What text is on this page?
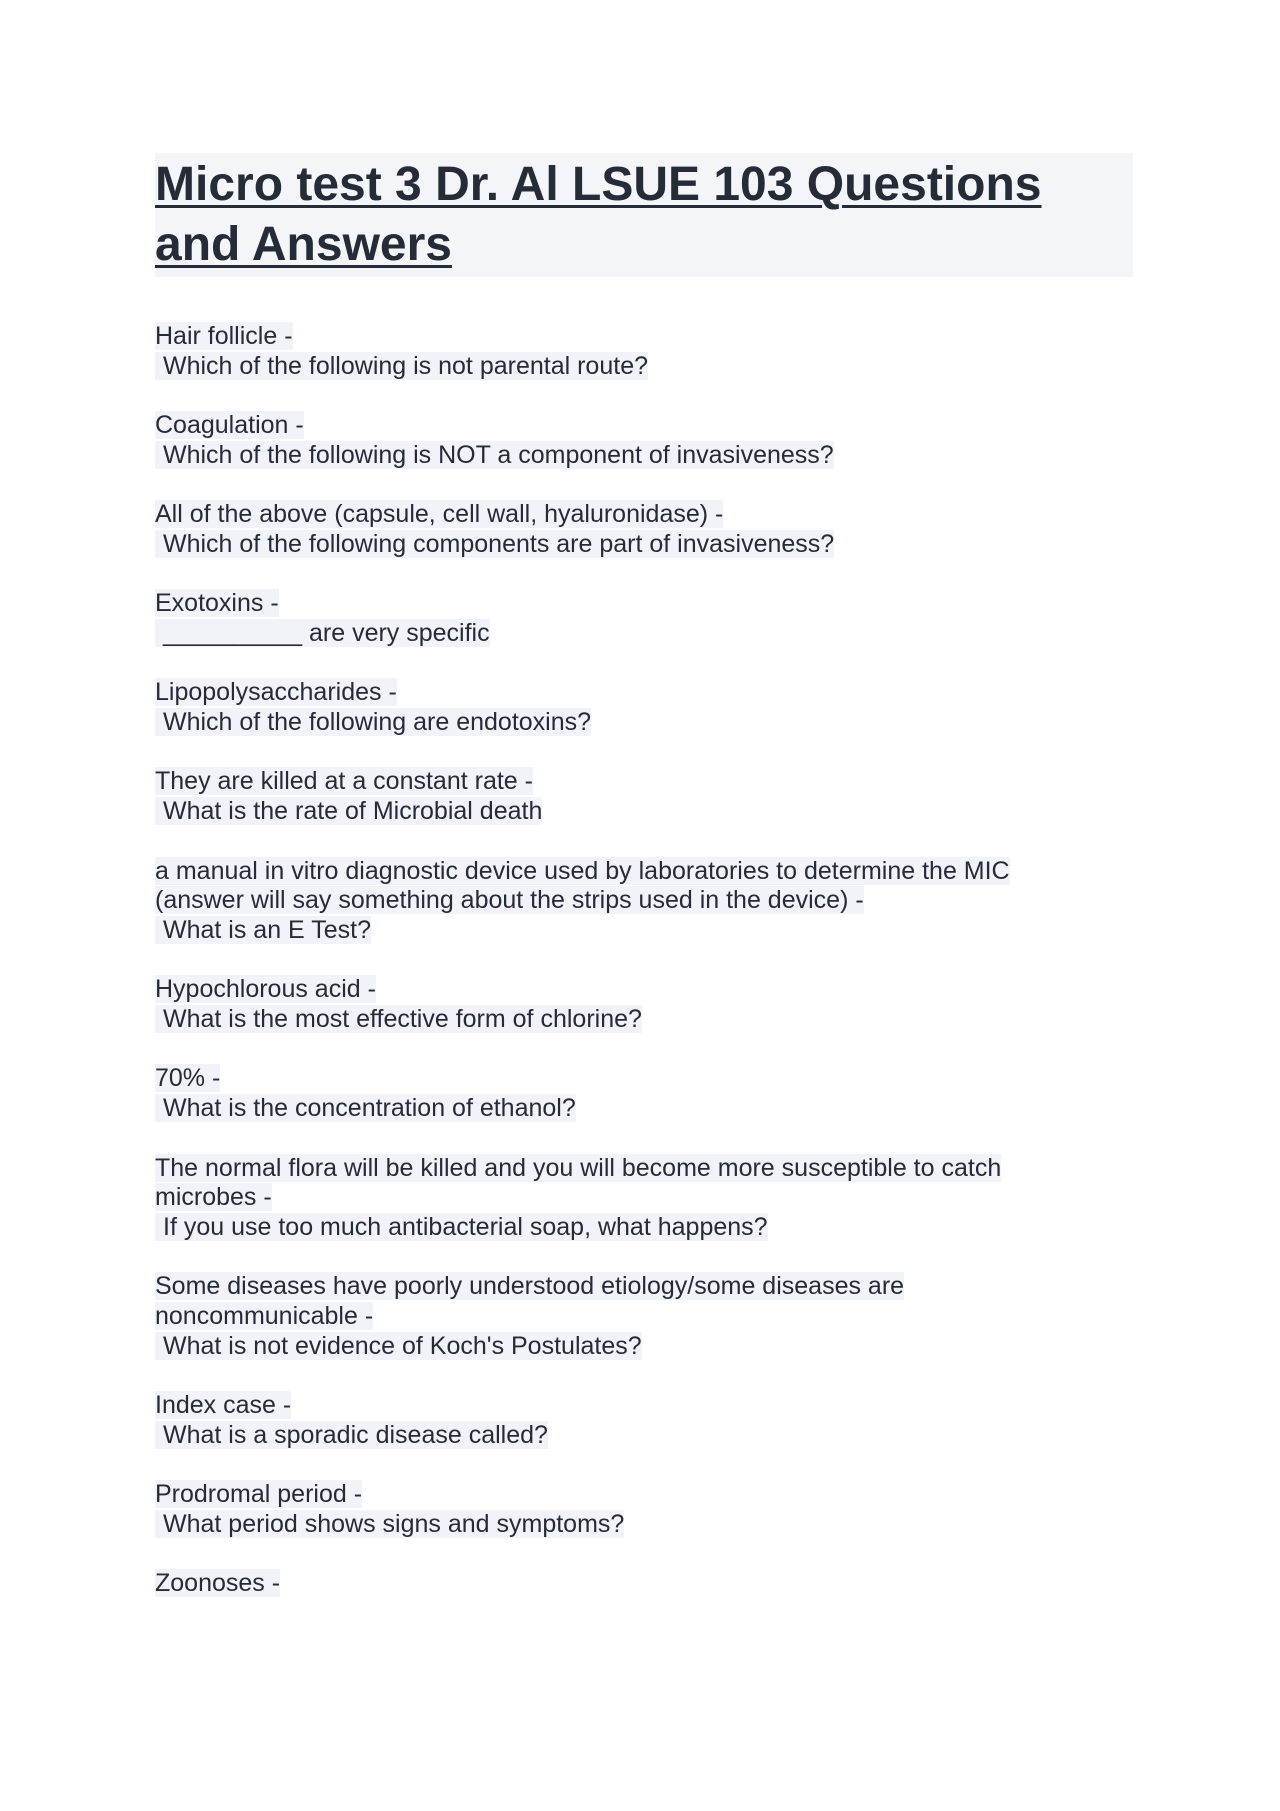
Micro test 3 Dr. Al LSUE 103 Questions and Answers
Hair follicle -
Which of the following is not parental route?
Coagulation -
Which of the following is NOT a component of invasiveness?
All of the above (capsule, cell wall, hyaluronidase) -
Which of the following components are part of invasiveness?
Exotoxins -
__________ are very specific
Lipopolysaccharides -
Which of the following are endotoxins?
They are killed at a constant rate -
What is the rate of Microbial death
a manual in vitro diagnostic device used by laboratories to determine the MIC
(answer will say something about the strips used in the device) -
What is an E Test?
Hypochlorous acid -
What is the most effective form of chlorine?
70% -
What is the concentration of ethanol?
The normal flora will be killed and you will become more susceptible to catch
microbes -
If you use too much antibacterial soap, what happens?
Some diseases have poorly understood etiology/some diseases are
noncommunicable -
What is not evidence of Koch's Postulates?
Index case -
What is a sporadic disease called?
Prodromal period -
What period shows signs and symptoms?
Zoonoses -
